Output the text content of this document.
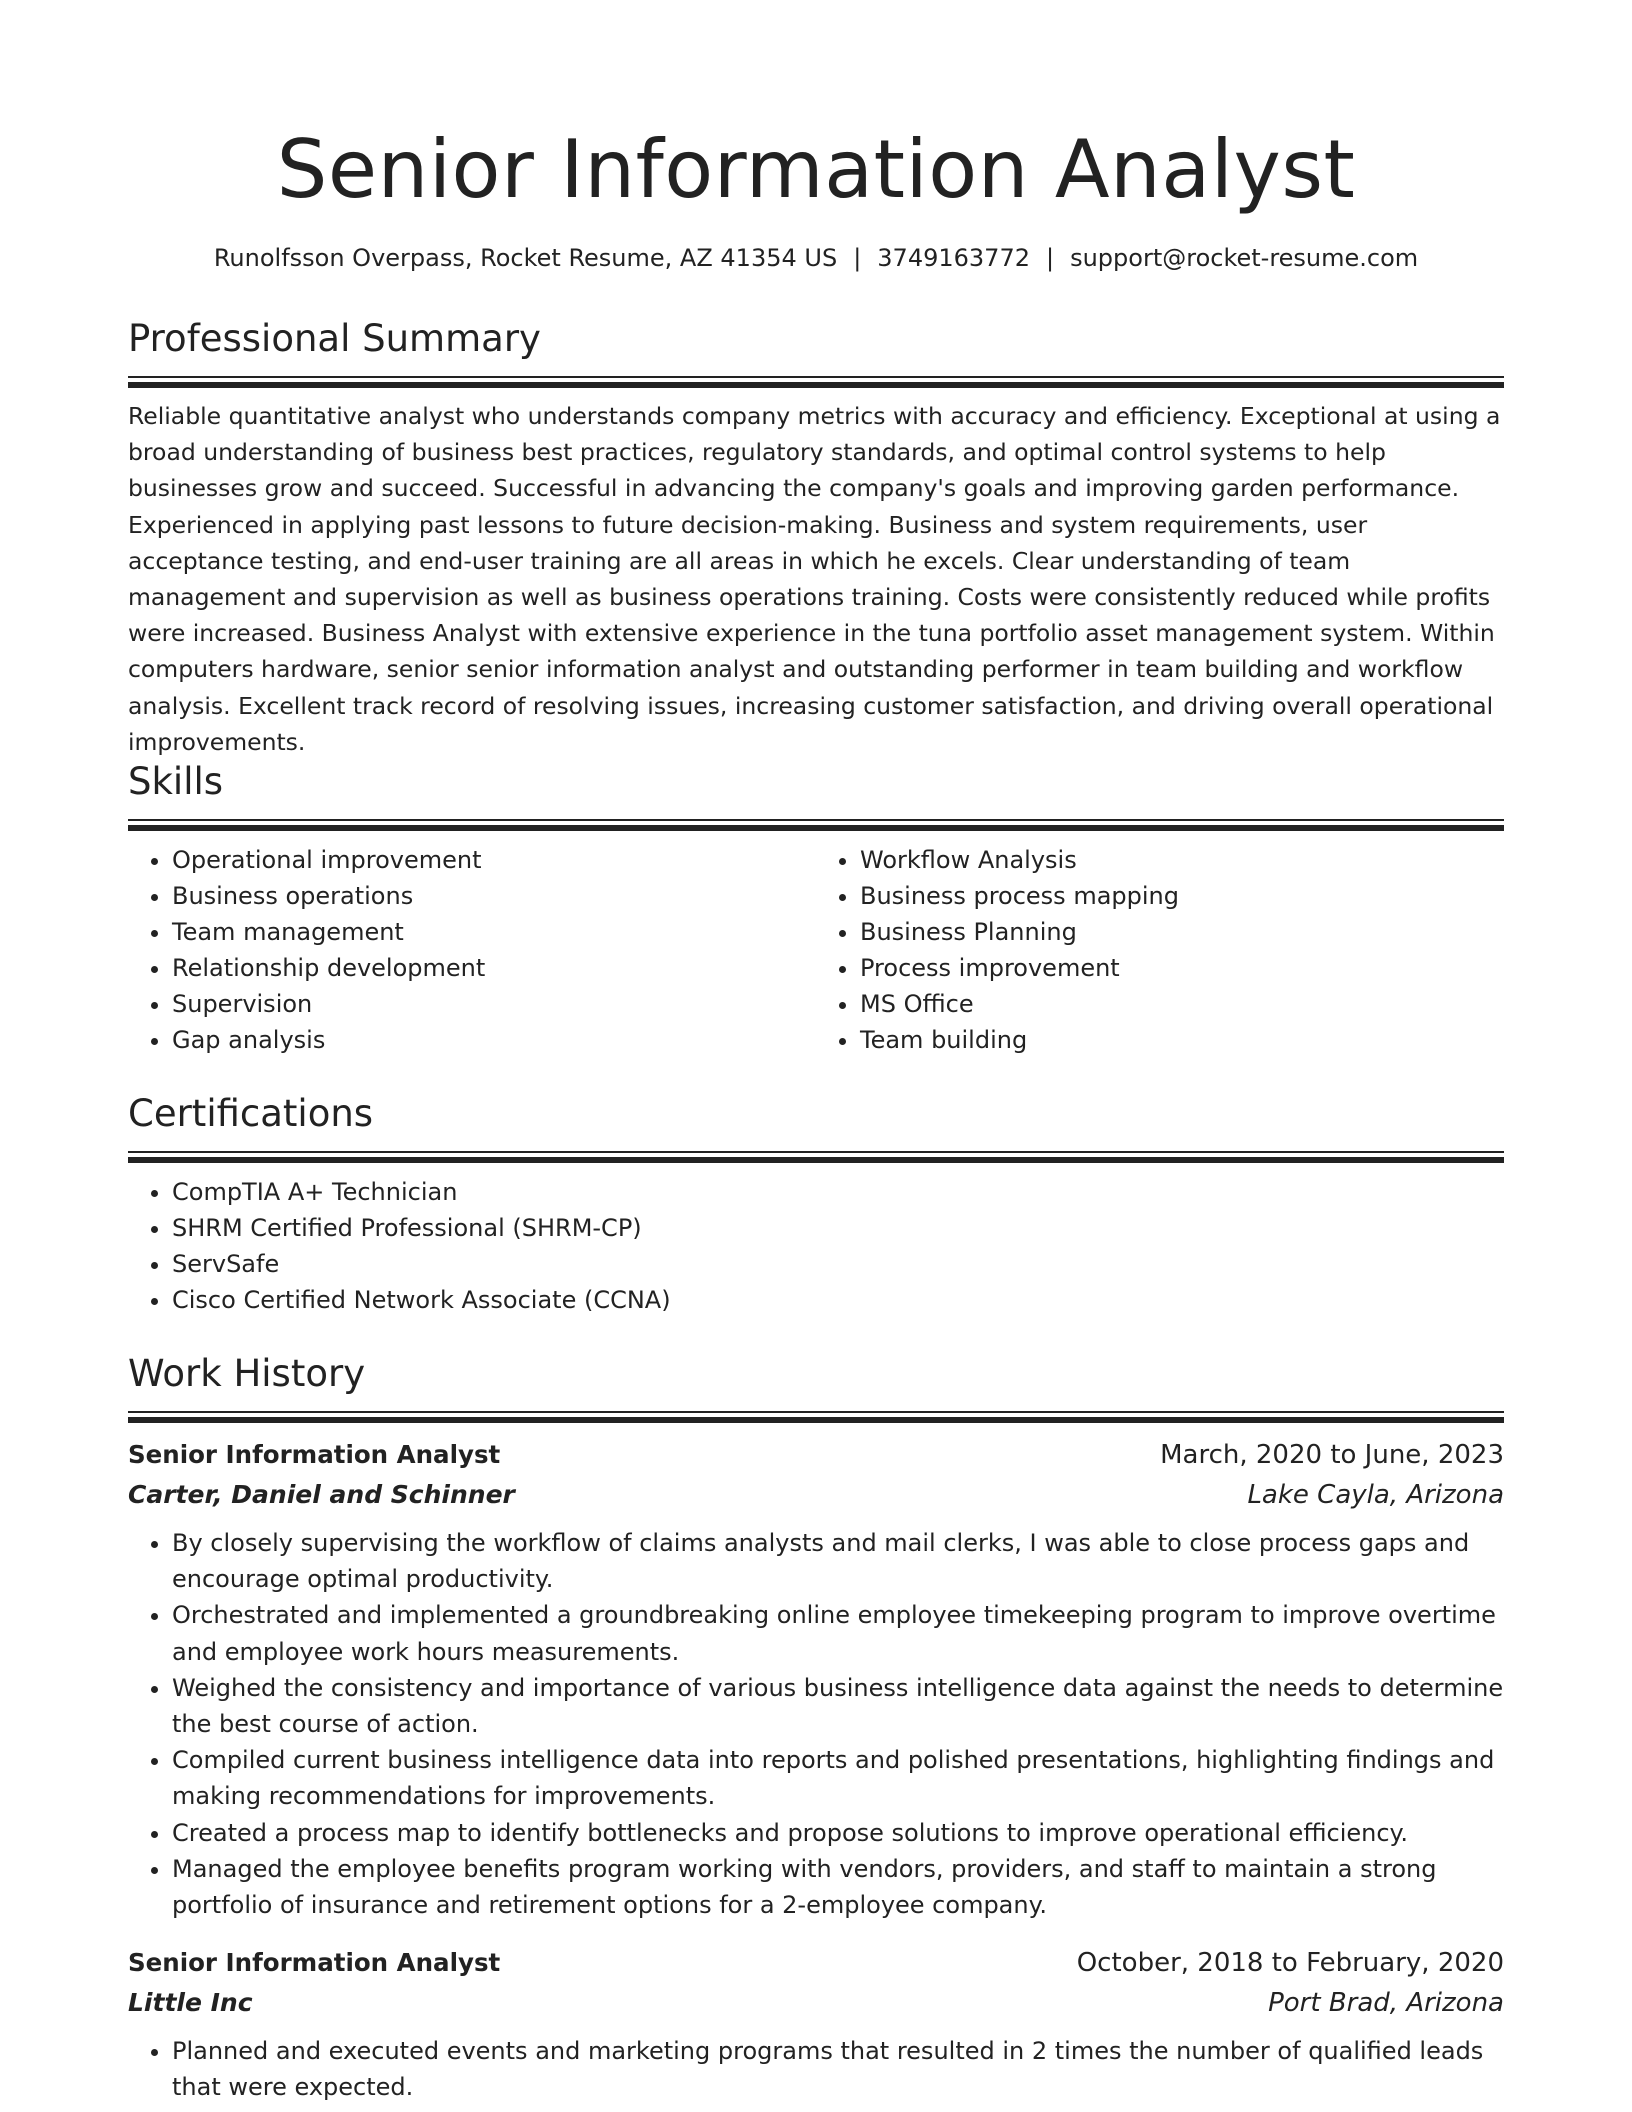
Senior Information Analyst
Runolfsson Overpass, Rocket Resume, AZ 41354 US | 3749163772 | support@rocket-resume.com
Professional Summary

Reliable quantitative analyst who understands company metrics with accuracy and efficiency. Exceptional at using a broad understanding of business best practices, regulatory standards, and optimal control systems to help businesses grow and succeed. Successful in advancing the company's goals and improving garden performance. Experienced in applying past lessons to future decision-making. Business and system requirements, user acceptance testing, and end-user training are all areas in which he excels. Clear understanding of team management and supervision as well as business operations training. Costs were consistently reduced while profits were increased. Business Analyst with extensive experience in the tuna portfolio asset management system. Within computers hardware, senior senior information analyst and outstanding performer in team building and workflow analysis. Excellent track record of resolving issues, increasing customer satisfaction, and driving overall operational improvements.

Skills
• Operational improvement
• Business operations
• Team management
• Relationship development
• Supervision
• Gap analysis
• Workflow Analysis
• Business process mapping
• Business Planning
• Process improvement
• MS Office
• Team building
Certifications
• CompTIA A+ Technician
• SHRM Certified Professional (SHRM-CP)
• ServSafe
• Cisco Certified Network Associate (CCNA)
Work History
Senior Information Analyst	March, 2020 to June, 2023
Carter, Daniel and Schinner	Lake Cayla, Arizona
• By closely supervising the workflow of claims analysts and mail clerks, I was able to close process gaps and encourage optimal productivity.
• Orchestrated and implemented a groundbreaking online employee timekeeping program to improve overtime and employee work hours measurements.
• Weighed the consistency and importance of various business intelligence data against the needs to determine the best course of action.
• Compiled current business intelligence data into reports and polished presentations, highlighting findings and making recommendations for improvements.
• Created a process map to identify bottlenecks and propose solutions to improve operational efficiency.
• Managed the employee benefits program working with vendors, providers, and staff to maintain a strong portfolio of insurance and retirement options for a 2-employee company.
Senior Information Analyst	October, 2018 to February, 2020
Little Inc	Port Brad, Arizona
• Planned and executed events and marketing programs that resulted in 2 times the number of qualified leads that were expected.
